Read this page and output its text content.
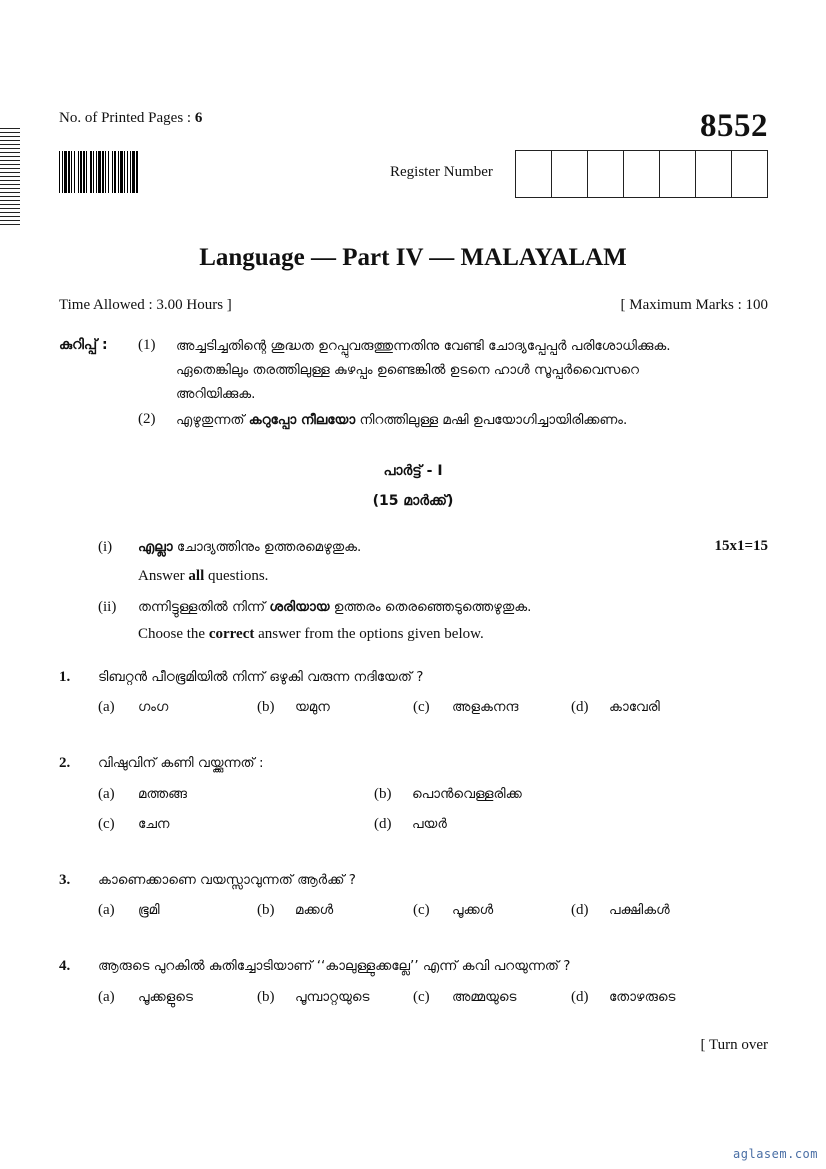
No. of Printed Pages : 6	8552
Register Number
Language — Part IV — MALAYALAM
Time Allowed : 3.00 Hours ]	[ Maximum Marks : 100
കുറിപ്പ് : (1) അച്ചടിച്ചതിന്റെ ശുദ്ധത ഉറപ്പുവരുത്തുന്നതിനു വേണ്ടി ചോദ്യപ്പേപ്പർ പരിശോധിക്കുക.
ഏതെങ്കിലും തരത്തിലുള്ള കുഴപ്പം ഉണ്ടെങ്കിൽ ഉടനെ ഹാൾ സൂപ്പർവൈസറെ
അറിയിക്കുക.
(2) എഴുതുന്നത് കറുപ്പോ നീലയോ നിറത്തിലുള്ള മഷി ഉപയോഗിച്ചായിരിക്കണം.
പാർട്ട് - I
(15 മാർക്ക്)
(i) എല്ലാ ചോദ്യത്തിനും ഉത്തരമെഴുതുക.	15x1=15
Answer all questions.
(ii) തന്നിട്ടുള്ളതിൽ നിന്ന് ശരിയായ ഉത്തരം തെരഞ്ഞെടുത്തെഴുതുക.
Choose the correct answer from the options given below.
1. ടിബറ്റൻ പീഠഭൂമിയിൽ നിന്ന് ഒഴുകി വരുന്ന നദിയേത് ?
(a) ഗംഗ	(b) യമുന	(c) അളകനന്ദ	(d) കാവേരി
2. വിഷുവിന് കണി വയ്ക്കുന്നത് :
(a) മത്തങ്ങ	(b) പൊൻവെള്ളരിക്ക
(c) ചേന	(d) പയർ
3. കാണെക്കാണെ വയസ്സാവുന്നത് ആർക്ക് ?
(a) ഭൂമി	(b) മക്കൾ	(c) പൂക്കൾ	(d) പക്ഷികൾ
4. ആരുടെ പുറകിൽ കുതിച്ചോടിയാണ് ‘‘കാലുള്ളുക്കല്ലേ’’ എന്ന് കവി പറയുന്നത് ?
(a) പൂക്കളുടെ	(b) പൂമ്പാറ്റയുടെ	(c) അമ്മയുടെ	(d) തോഴരുടെ
[ Turn over
aglasem.com
